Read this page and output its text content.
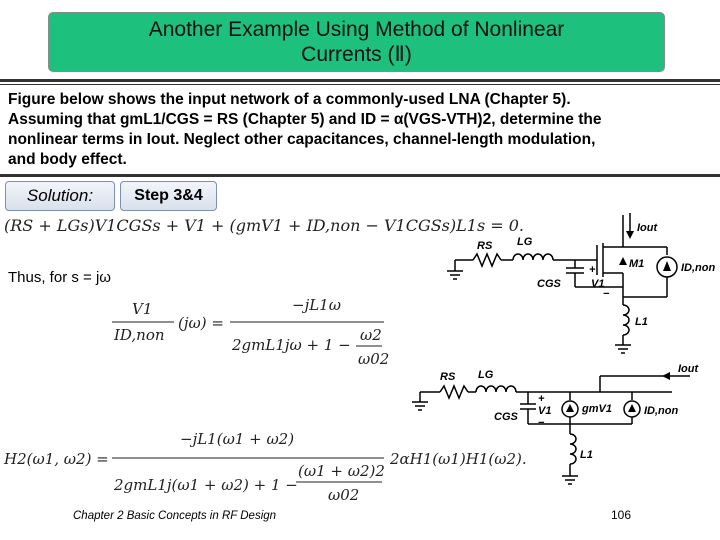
Another Example Using Method of Nonlinear
Currents (Ⅱ)

Figure below shows the input network of a commonly-used LNA (Chapter 5).

Assuming that gmL1/CGS = RS (Chapter 5) and ID = α(VGS-VTH)2, determine the

nonlinear terms in Iout. Neglect other capacitances, channel-length modulation,

and body effect.

Solution:	Step 3&4
(RS + LGs)V1CGSs + V1 + (gmV1 + ID,non − V1CGSs)L1s = 0.
Thus, for s = jω
V1
ID,non
(jω) =
−jL1ω
2gmL1jω + 1 −
ω2
ω02
H2(ω1, ω2) =
−jL1(ω1 + ω2)
2gmL1j(ω1 + ω2) + 1 −
(ω1 + ω2)2
ω02
2αH1(ω1)H1(ω2).
RS LG
CGS
+
V1
−
M1
Iout
ID,non
L1
RS LG
CGS
+
V1
−
gmV1
Iout
ID,non
L1
Chapter 2 Basic Concepts in RF Design	106
